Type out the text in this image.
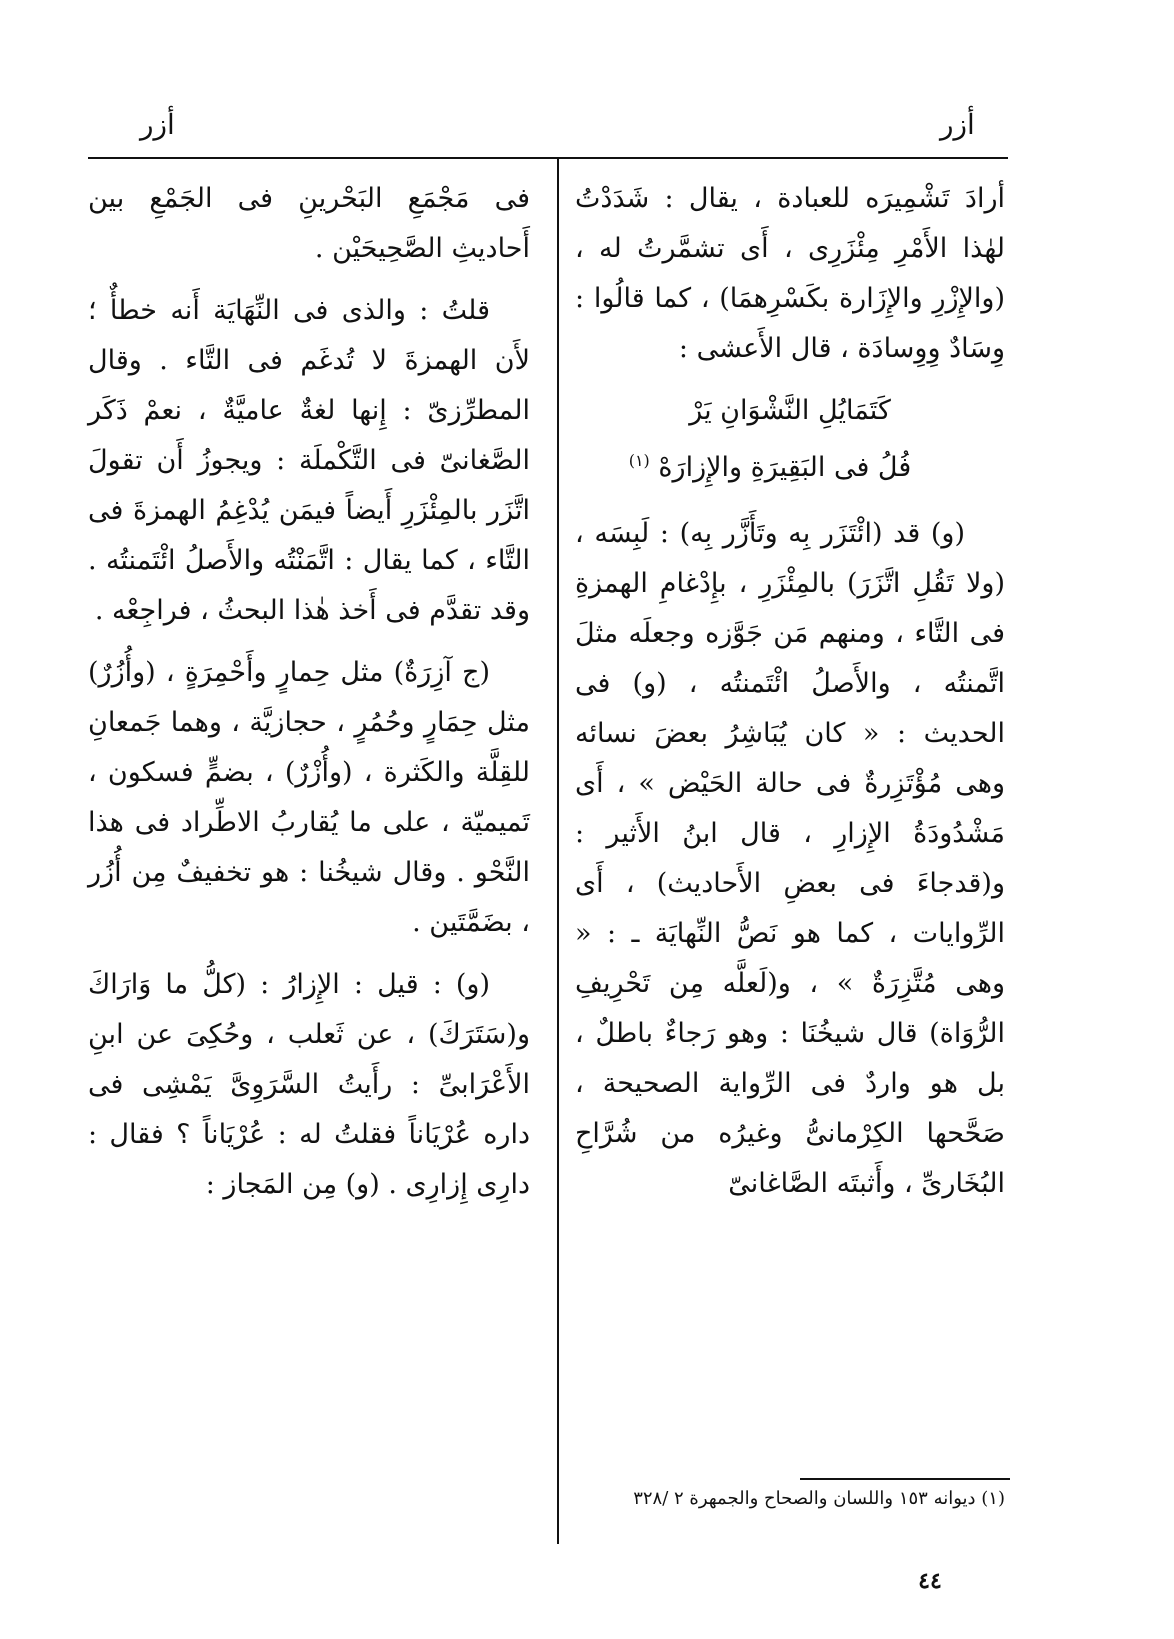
أزر
أزر

أرادَ تَشْمِيرَه للعبادة ، يقال : شَدَدْتُ لهٰذا الأَمْرِ مِئْزَرِى ، أَى تشمَّرتُ له ، (والإِزْرِ والإِزَارة بكَسْرِهمَا) ، كما قالُوا : وِسَادٌ وِوِسادَة ، قال الأَعشى :

كَتَمَايُلِ النَّشْوَانِ يَرْ
فُلُ فى البَقِيرَةِ والإِزارَهْ $^{(١)}$

(و) قد (ائْتَزَر بِه وتَأَزَّر بِه) : لَبِسَه ، (ولا تَقُلِ اتَّزَرَ) بالمِئْزَرِ ، بإِدْغامِ الهمزةِ فى التَّاء ، ومنهم مَن جَوَّزه وجعلَه مثلَ اتَّمنتُه ، والأَصلُ ائْتَمنتُه ، (و) فى الحديث : « كان يُبَاشِرُ بعضَ نسائه وهى مُؤْتَزِرةٌ فى حالة الحَيْض » ، أَى مَشْدُودَةُ الإِزارِ ، قال ابنُ الأَثير : و(قدجاءَ فى بعضِ الأَحاديث) ، أَى الرِّوايات ، كما هو نَصُّ النِّهايَة ـ : « وهى مُتَّزِرَةٌ » ، و(لَعلَّه مِن تَحْرِيفِ الرُّوَاة) قال شيخُنَا : وهو رَجاءٌ باطلٌ ، بل هو واردٌ فى الرِّواية الصحيحة ، صَحَّحها الكِرْمانىُّ وغيرُه من شُرَّاحِ البُخَارىِّ ، وأَثبتَه الصَّاغانىّ

فى مَجْمَعِ البَحْرينِ فى الجَمْعِ بين أَحاديثِ الصَّحِيحَيْن .

قلتُ : والذى فى النِّهَايَة أَنه خطأٌ ؛ لأَن الهمزةَ لا تُدغَم فى التَّاء . وقال المطرِّزىّ : إِنها لغةٌ عاميَّةٌ ، نعمْ ذَكَر الصَّغانىّ فى التَّكْملَة : ويجوزُ أَن تقولَ اتَّزَر بالمِئْزَرِ أَيضاً فيمَن يُدْغِمُ الهمزةَ فى التَّاء ، كما يقال : اتَّمَنْتُه والأَصلُ ائْتَمنتُه . وقد تقدَّم فى أَخذ هٰذا البحثُ ، فراجِعْه .

(ج آزِرَةٌ) مثل حِمارٍ وأَحْمِرَةٍ ، (وأُزُرٌ) مثل حِمَارٍ وحُمُرٍ ، حجازيَّة ، وهما جَمعانِ للقِلَّة والكَثرة ، (وأُزْرٌ) ، بضمٍّ فسكون ، تَميميّة ، على ما يُقاربُ الاطِّراد فى هذا النَّحْو . وقال شيخُنا : هو تخفيفٌ مِن أُزُر ، بضَمَّتَين .

(و) : قيل : الإِزارُ : (كلُّ ما وَارَاكَ و(سَتَرَكَ) ، عن ثَعلب ، وحُكِىَ عن ابنِ الأَعْرَابىِّ : رأَيتُ السَّرَوِىَّ يَمْشِى فى داره عُرْيَاناً فقلتُ له : عُرْيَاناً ؟ فقال : دارِى إِزارِى . (و) مِن المَجاز :

(١) ديوانه ١٥٣ واللسان والصحاح والجمهرة ٢ /٣٢٨
٤٤
